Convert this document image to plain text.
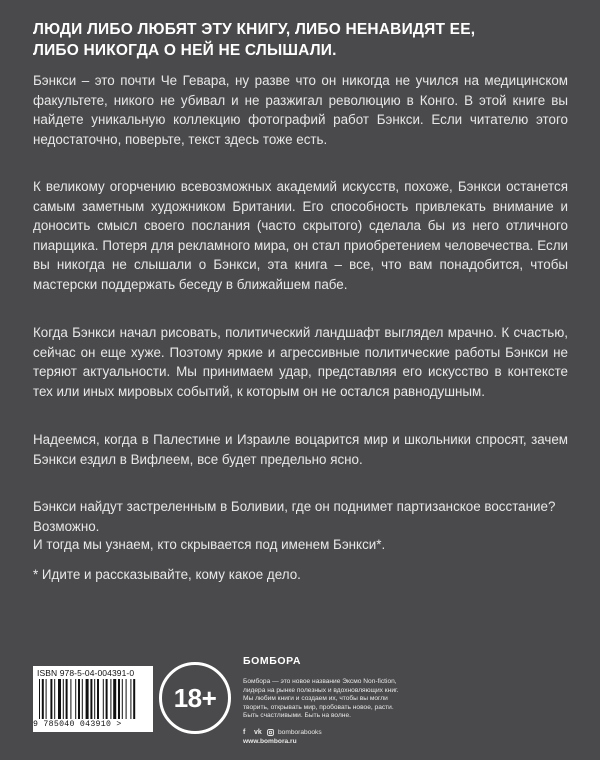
ЛЮДИ ЛИБО ЛЮБЯТ ЭТУ КНИГУ, ЛИБО НЕНАВИДЯТ ЕЕ,
ЛИБО НИКОГДА О НЕЙ НЕ СЛЫШАЛИ.

Бэнкси – это почти Че Гевара, ну разве что он никогда не учился на медицинском факультете, никого не убивал и не разжигал революцию в Конго. В этой книге вы найдете уникальную коллекцию фотографий работ Бэнкси. Если читателю этого недостаточно, поверьте, текст здесь тоже есть.

К великому огорчению всевозможных академий искусств, похоже, Бэнкси останется самым заметным художником Британии. Его способность привлекать внимание и доносить смысл своего послания (часто скрытого) сделала бы из него отличного пиарщика. Потеря для рекламного мира, он стал приобретением человечества. Если вы никогда не слышали о Бэнкси, эта книга – все, что вам понадобится, чтобы мастерски поддержать беседу в ближайшем пабе.

Когда Бэнкси начал рисовать, политический ландшафт выглядел мрачно. К счастью, сейчас он еще хуже. Поэтому яркие и агрессивные политические работы Бэнкси не теряют актуальности. Мы принимаем удар, представляя его искусство в контексте тех или иных мировых событий, к которым он не остался равнодушным.

Надеемся, когда в Палестине и Израиле воцарится мир и школьники спросят, зачем Бэнкси ездил в Вифлеем, все будет предельно ясно.

Бэнкси найдут застреленным в Боливии, где он поднимет партизанское восстание? Возможно.

И тогда мы узнаем, кто скрывается под именем Бэнкси*.

* Идите и рассказывайте, кому какое дело.

ISBN 978-5-04-004391-0
9 785040 043910 >
18+

БОМБОРА

Бомбора — это новое название Эксмо Non-fiction,
лидера на рынке полезных и вдохновляющих книг.
Мы любим книги и создаем их, чтобы вы могли
творить, открывать мир, пробовать новое, расти.
Быть счастливыми. Быть на волне.

f	vk	bomborabooks
www.bombora.ru
